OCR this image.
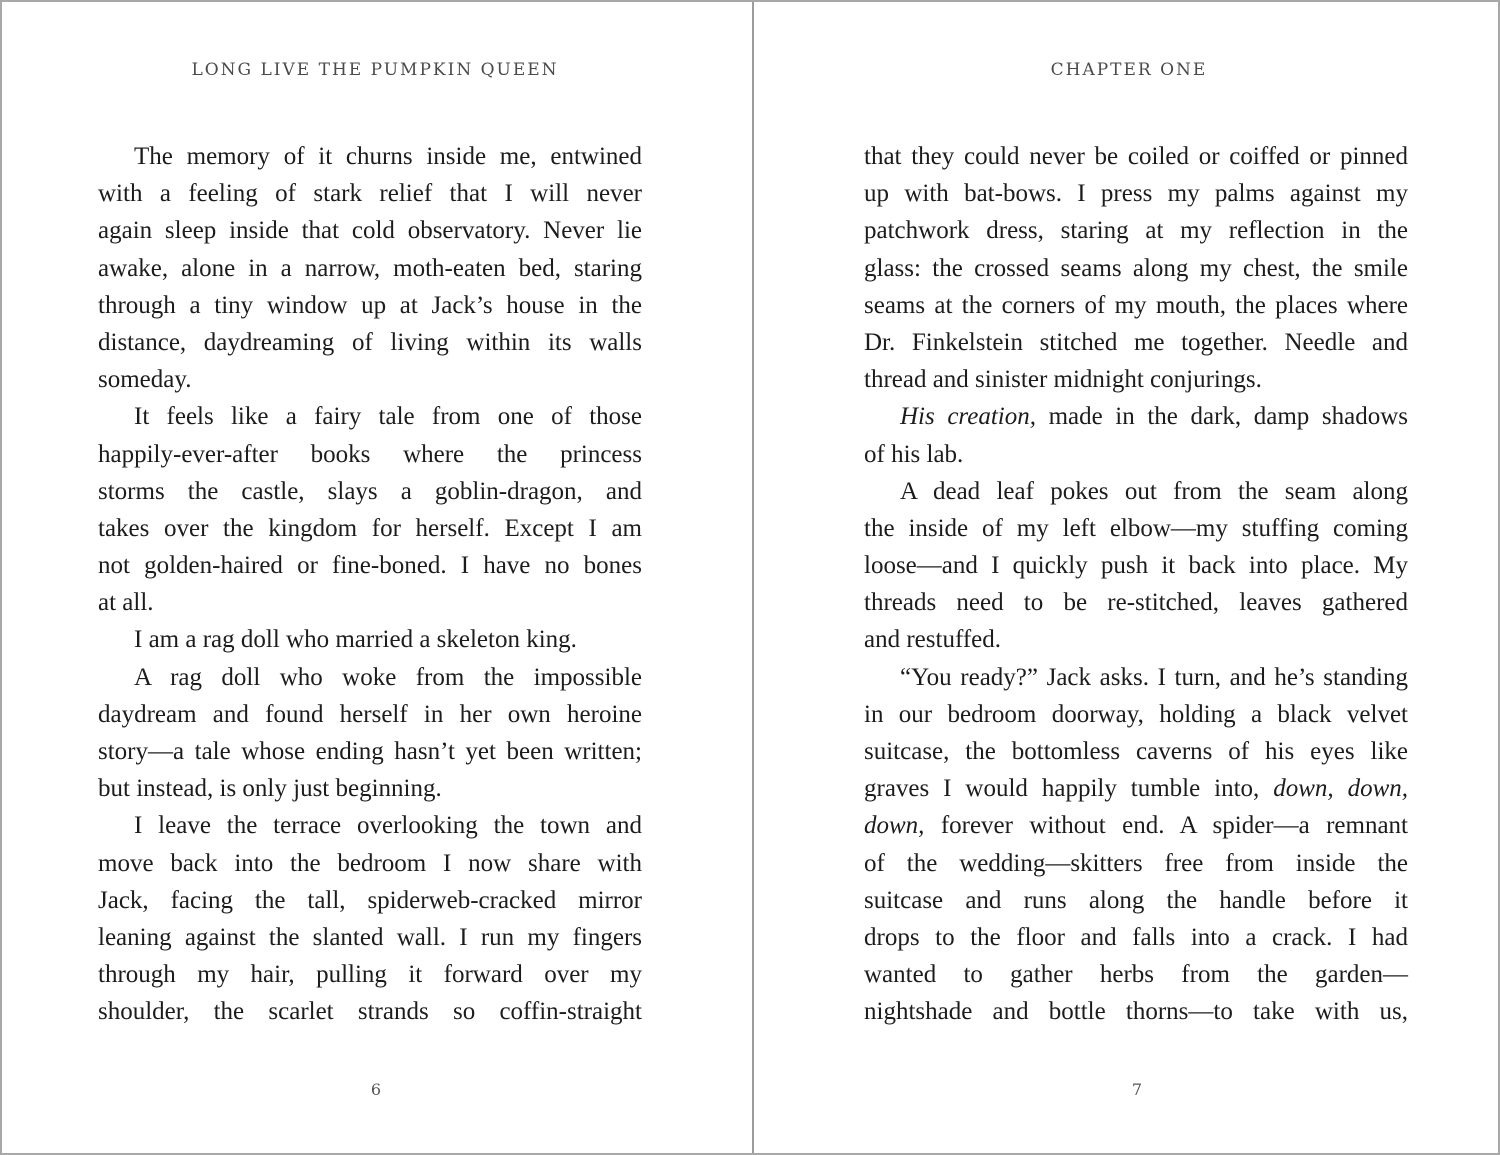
LONG LIVE THE PUMPKIN QUEEN
The memory of it churns inside me, entwined
with a feeling of stark relief that I will never
again sleep inside that cold observatory. Never lie
awake, alone in a narrow, moth-eaten bed, staring
through a tiny window up at Jack’s house in the
distance, daydreaming of living within its walls
someday.
It feels like a fairy tale from one of those
happily-ever-after books where the princess
storms the castle, slays a goblin-dragon, and
takes over the kingdom for herself. Except I am
not golden-haired or fine-boned. I have no bones
at all.
I am a rag doll who married a skeleton king.
A rag doll who woke from the impossible
daydream and found herself in her own heroine
story—a tale whose ending hasn’t yet been written;
but instead, is only just beginning.
I leave the terrace overlooking the town and
move back into the bedroom I now share with
Jack, facing the tall, spiderweb-cracked mirror
leaning against the slanted wall. I run my fingers
through my hair, pulling it forward over my
shoulder, the scarlet strands so coffin-straight
6
CHAPTER ONE
that they could never be coiled or coiffed or pinned
up with bat-bows. I press my palms against my
patchwork dress, staring at my reflection in the
glass: the crossed seams along my chest, the smile
seams at the corners of my mouth, the places where
Dr. Finkelstein stitched me together. Needle and
thread and sinister midnight conjurings.
His creation, made in the dark, damp shadows
of his lab.
A dead leaf pokes out from the seam along
the inside of my left elbow—my stuffing coming
loose—and I quickly push it back into place. My
threads need to be re-stitched, leaves gathered
and restuffed.
“You ready?” Jack asks. I turn, and he’s standing
in our bedroom doorway, holding a black velvet
suitcase, the bottomless caverns of his eyes like
graves I would happily tumble into, down, down,
down, forever without end. A spider—a remnant
of the wedding—skitters free from inside the
suitcase and runs along the handle before it
drops to the floor and falls into a crack. I had
wanted to gather herbs from the garden—
nightshade and bottle thorns—to take with us,
7
